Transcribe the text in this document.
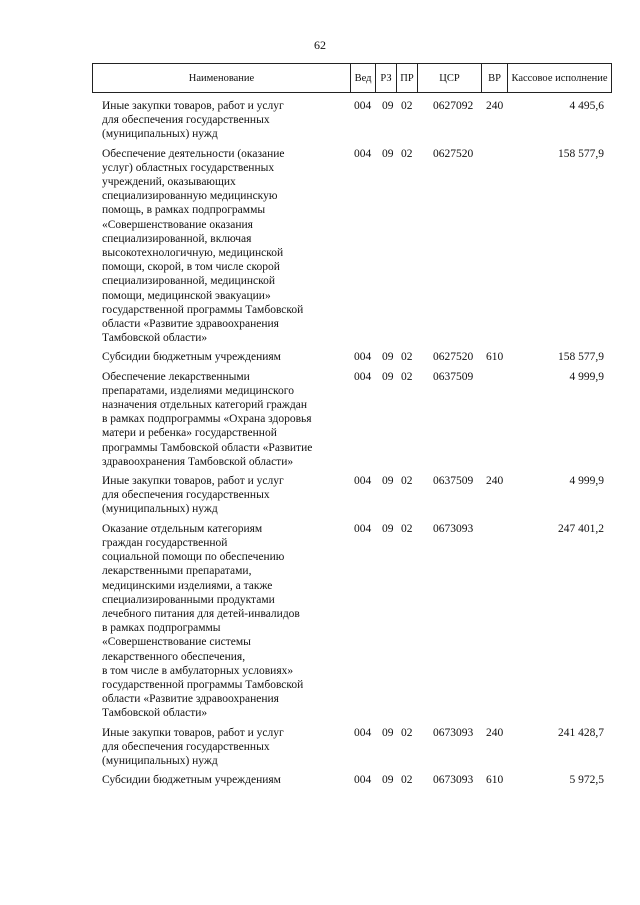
62
Наименование	Вед РЗ ПР	ЦСР	ВР	Кассовое исполнение
Иные закупки товаров, работ и услуг
для обеспечения государственных
(муниципальных) нужд
004 09 02 0627092 240	4 495,6
Обеспечение деятельности (оказание
услуг) областных государственных
учреждений, оказывающих
специализированную медицинскую
помощь, в рамках подпрограммы
«Совершенствование оказания
специализированной, включая
высокотехнологичную, медицинской
помощи, скорой, в том числе скорой
специализированной, медицинской
помощи, медицинской эвакуации»
государственной программы Тамбовской
области «Развитие здравоохранения
Тамбовской области»
004 09 02 0627520	158 577,9
Субсидии бюджетным учреждениям	004 09 02 0627520 610	158 577,9
Обеспечение лекарственными
препаратами, изделиями медицинского
назначения отдельных категорий граждан
в рамках подпрограммы «Охрана здоровья
матери и ребенка» государственной
программы Тамбовской области «Развитие
здравоохранения Тамбовской области»
004 09 02 0637509	4 999,9
Иные закупки товаров, работ и услуг
для обеспечения государственных
(муниципальных) нужд
004 09 02 0637509 240	4 999,9
Оказание отдельным категориям
граждан государственной
социальной помощи по обеспечению
лекарственными препаратами,
медицинскими изделиями, а также
специализированными продуктами
лечебного питания для детей-инвалидов
в рамках подпрограммы
«Совершенствование системы
лекарственного обеспечения,
в том числе в амбулаторных условиях»
государственной программы Тамбовской
области «Развитие здравоохранения
Тамбовской области»
004 09 02 0673093	247 401,2
Иные закупки товаров, работ и услуг
для обеспечения государственных
(муниципальных) нужд
004 09 02 0673093 240	241 428,7
Субсидии бюджетным учреждениям	004 09 02 0673093 610	5 972,5
